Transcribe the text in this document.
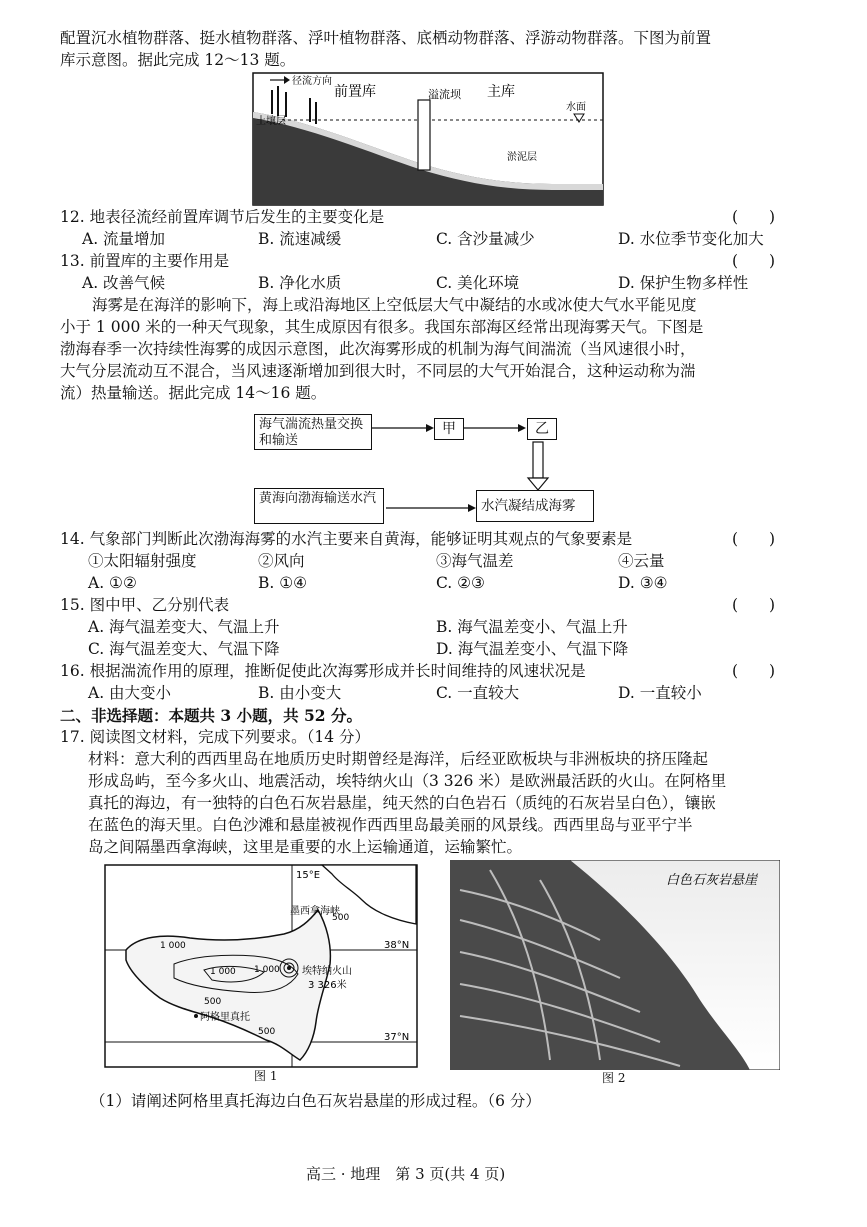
配置沉水植物群落、挺水植物群落、浮叶植物群落、底栖动物群落、浮游动物群落。下图为前置
库示意图。据此完成 12～13 题。
径流方向
前置库	溢流坝 主库
水面
土壤层
淤泥层
12. 地表径流经前置库调节后发生的主要变化是	(　　)
A. 流量增加	B. 流速减缓	C. 含沙量减少	D. 水位季节变化加大
13. 前置库的主要作用是	(　　)
A. 改善气候	B. 净化水质	C. 美化环境	D. 保护生物多样性
海雾是在海洋的影响下，海上或沿海地区上空低层大气中凝结的水或冰使大气水平能见度
小于 1 000 米的一种天气现象，其生成原因有很多。我国东部海区经常出现海雾天气。下图是
渤海春季一次持续性海雾的成因示意图，此次海雾形成的机制为海气间湍流（当风速很小时，
大气分层流动互不混合，当风速逐渐增加到很大时，不同层的大气开始混合，这种运动称为湍
流）热量输送。据此完成 14～16 题。
海气湍流热量交换和输送
甲	乙
黄海向渤海输送水汽	水汽凝结成海雾
14. 气象部门判断此次渤海海雾的水汽主要来自黄海，能够证明其观点的气象要素是	(　　)
①太阳辐射强度	②风向	③海气温差	④云量
A. ①②	B. ①④	C. ②③	D. ③④
15. 图中甲、乙分别代表	(　　)
A. 海气温差变大、气温上升	B. 海气温差变小、气温上升
C. 海气温差变大、气温下降	D. 海气温差变小、气温下降
16. 根据湍流作用的原理，推断促使此次海雾形成并长时间维持的风速状况是	(　　)
A. 由大变小	B. 由小变大	C. 一直较大	D. 一直较小
二、非选择题：本题共 3 小题，共 52 分。
17. 阅读图文材料，完成下列要求。（14 分）
材料：意大利的西西里岛在地质历史时期曾经是海洋，后经亚欧板块与非洲板块的挤压隆起
形成岛屿，至今多火山、地震活动，埃特纳火山（3 326 米）是欧洲最活跃的火山。在阿格里
真托的海边，有一独特的白色石灰岩悬崖，纯天然的白色岩石（质纯的石灰岩呈白色），镶嵌
在蓝色的海天里。白色沙滩和悬崖被视作西西里岛最美丽的风景线。西西里岛与亚平宁半
岛之间隔墨西拿海峡，这里是重要的水上运输通道，运输繁忙。
15°E
38°N
37°N
墨西拿海峡
埃特纳火山
3 326米
阿格里真托
500
500
500
1 000
1 000 1 000
图 1
白色石灰岩悬崖
图 2
（1）请阐述阿格里真托海边白色石灰岩悬崖的形成过程。（6 分）
高三 · 地理　第 3 页(共 4 页)
